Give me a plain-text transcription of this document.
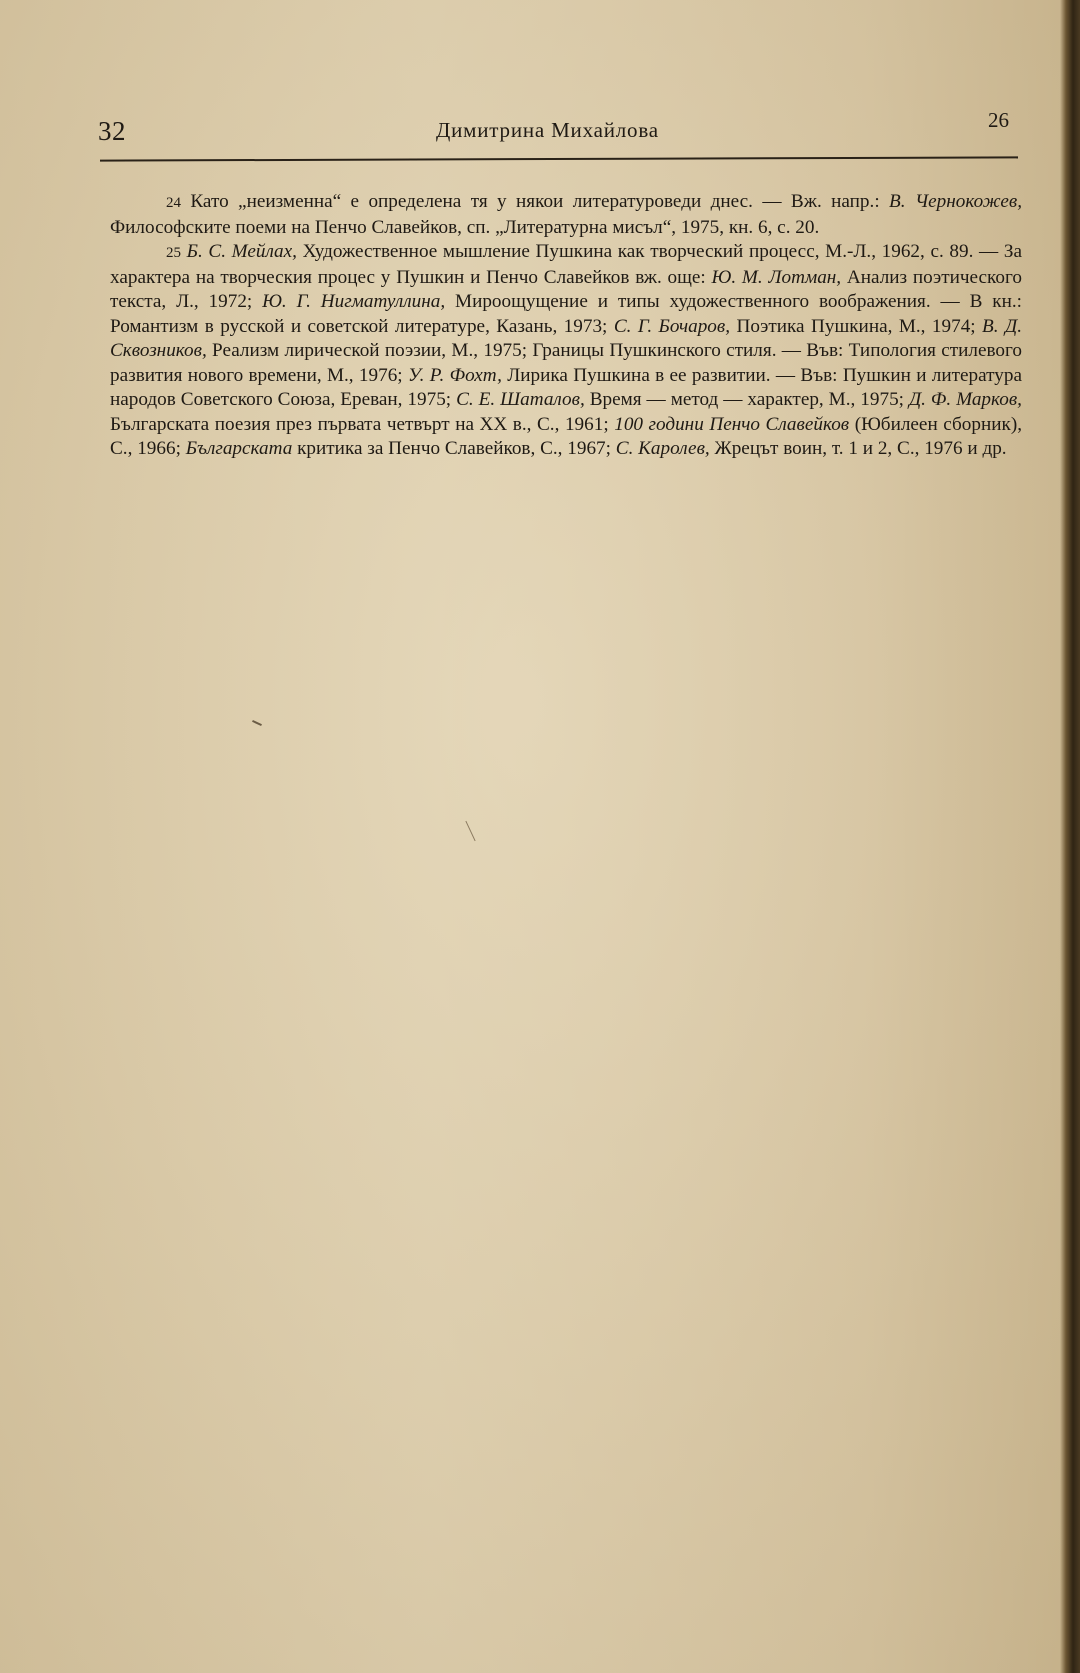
32	Димитрина Михайлова	26

24 Като „неизменна“ е определена тя у някои литературоведи днес. — Вж. напр.: В. Чернокожев, Философските поеми на Пенчо Славейков, сп. „Литературна мисъл“, 1975, кн. 6, с. 20.

25 Б. С. Мейлах, Художественное мышление Пушкина как творческий процесс, М.-Л., 1962, с. 89. — За характера на творческия процес у Пушкин и Пенчо Славейков вж. още: Ю. М. Лотман, Анализ поэтического текста, Л., 1972; Ю. Г. Нигматуллина, Мироощущение и типы художественного воображения. — В кн.: Романтизм в русской и советской литературе, Казань, 1973; С. Г. Бочаров, Поэтика Пушкина, М., 1974; В. Д. Сквозников, Реализм лирической поэзии, М., 1975; Границы Пушкинского стиля. — Във: Типология стилевого развития нового времени, М., 1976; У. Р. Фохт, Лирика Пушкина в ее развитии. — Във: Пушкин и литература народов Советского Союза, Ереван, 1975; С. Е. Шаталов, Время — метод — характер, М., 1975; Д. Ф. Марков, Българската поезия през първата четвърт на XX в., С., 1961; 100 години Пенчо Славейков (Юбилеен сборник), С., 1966; Българската критика за Пенчо Славейков, С., 1967; С. Каролев, Жрецът воин, т. 1 и 2, С., 1976 и др.
